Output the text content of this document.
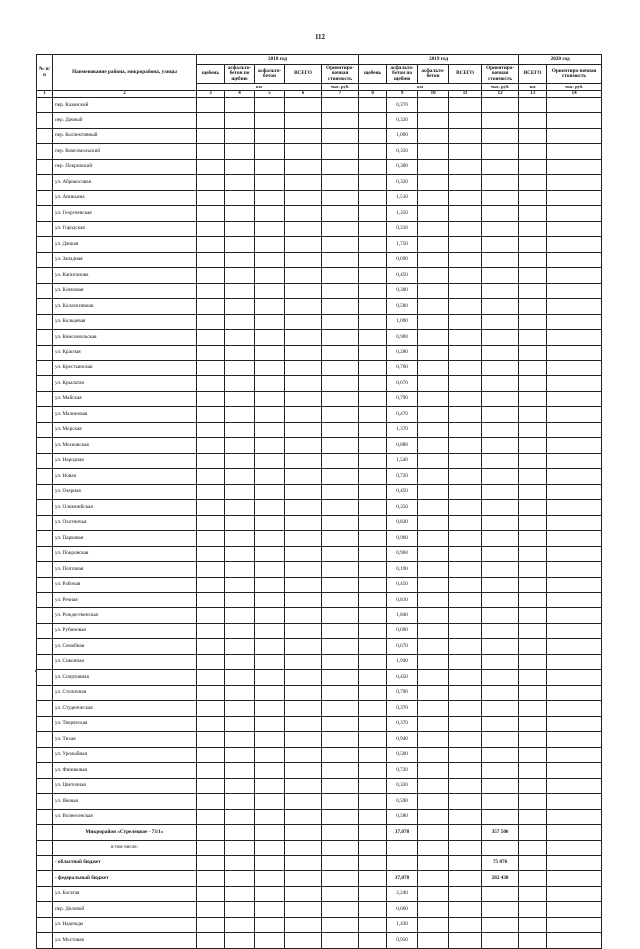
112
№ п/п	Наименование района, микрорайона, улицы	2018 год					2019 год					2020 год	
		щебень	асфальто-бетон по щебню	асфальто-бетон	ВСЕГО	Ориентиро-вочная стоимость	щебень	асфальто-бетон по щебню	асфальто-бетон	ВСЕГО	Ориентиро-вочная стоимость	ВСЕГО	Ориентиро-вочная стоимость
		км				тыс. руб.	км				тыс. руб.	км	тыс. руб.
1	2	3	4	5	6	7	8	9	10	11	12	13	14
	пер. Казанский							0,370					
	пер. Дачный							0,320					
	пер. Коллективный							1,090					
	пер. Комсомольский							0,350					
	пер. Покровский							0,300					
	ул. Абрикосовая							0,320					
	ул. Аникьина							1,510					
	ул. Георгиевская							1,350					
	ул. Городская							0,310					
	ул. Дачная							1,750					
	ул. Западная							0,690					
	ул. Капитанова							0,450					
	ул. Кленовая							0,300					
	ул. Коллективная							0,580					
	ул. Кольцевая							1,090					
	ул. Комсомольская							0,900					
	ул. Красная							0,280					
	ул. Крестьянская							0,760					
	ул. Крылатая							0,670					
	ул. Майская							0,790					
	ул. Малиновая							0,470					
	ул. Морская							1,370					
	ул. Московская							0,880					
	ул. Народная							1,540					
	ул. Новая							0,720					
	ул. Озерная							0,450					
	ул. Олимпийская							0,350					
	ул. Охотничья							0,830					
	ул. Парковая							0,960					
	ул. Покровская							0,960					
	ул. Почтовая							0,190					
	ул. Рабочая							0,450					
	ул. Речная							0,810					
	ул. Рождественская							1,840					
	ул. Рубиновая							0,690					
	ул. Семейная							0,670					
	ул. Сиконная							1,940					
	ул. Спортивная							0,450					
	ул. Столичная							0,790					
	ул. Студенческая							0,370					
	ул. Творческая							0,370					
	ул. Тихая							0,940					
	ул. Урожайная							0,500					
	ул. Финиковая							0,720					
	ул. Цветочная							0,320					
	ул. Яковая							0,590					
	ул. Вознесенская							0,580					
	Микрорайон «Стрелецкое - 73/1»							37,078			357 506		
	в том числе:												
	- областной бюджет										75 076		
	- федеральный бюджет							37,078			282 430		
	ул. Богатая							2,240					
	пер. Деловой							0,660					
	ул. Надежды							1,430					
	ул. Мостовая							0,950					
